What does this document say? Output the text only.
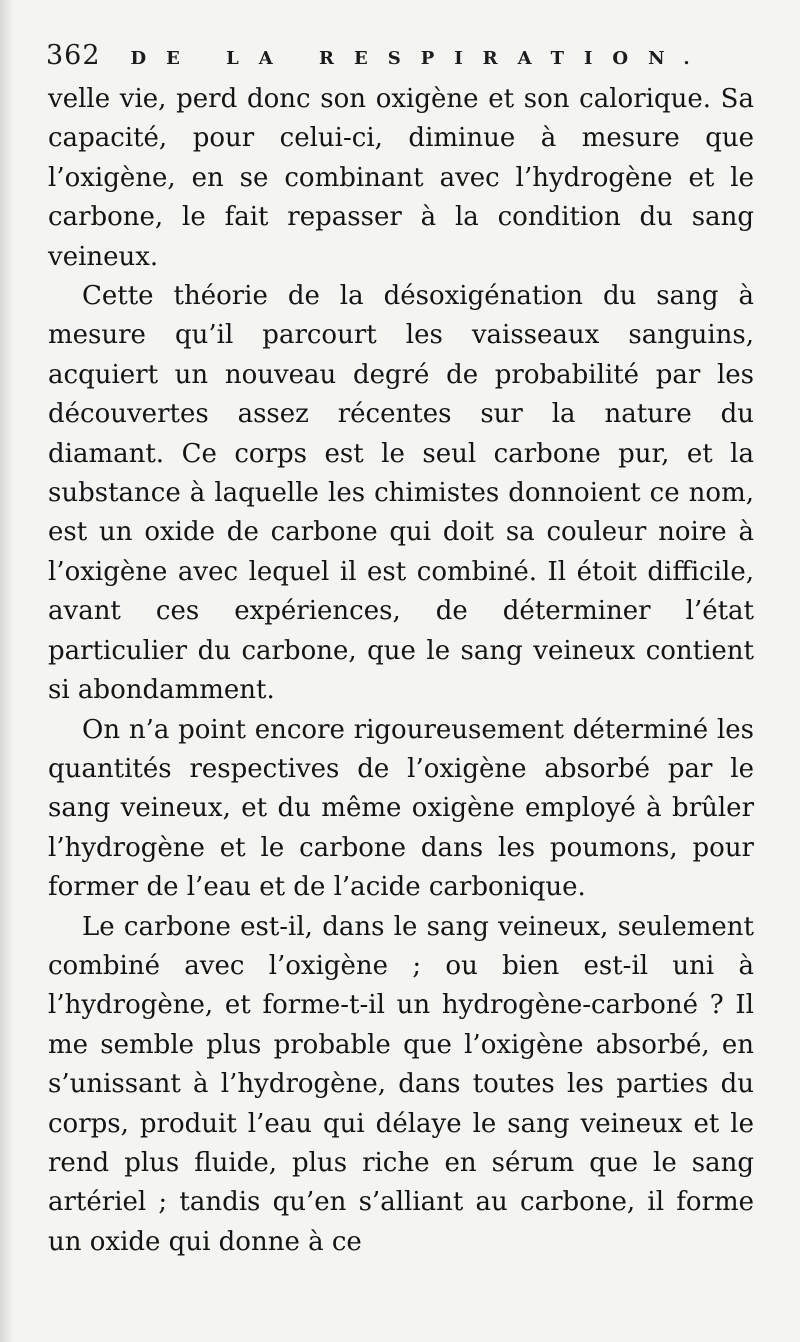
362 DE LA RESPIRATION.

velle vie, perd donc son oxigène et son calorique. Sa capacité, pour celui-ci, diminue à mesure que l’oxigène, en se combinant avec l’hydrogène et le carbone, le fait repasser à la condition du sang veineux.

Cette théorie de la désoxigénation du sang à mesure qu’il parcourt les vaisseaux sanguins, acquiert un nouveau degré de probabilité par les découvertes assez récentes sur la nature du diamant. Ce corps est le seul carbone pur, et la substance à laquelle les chimistes donnoient ce nom, est un oxide de carbone qui doit sa couleur noire à l’oxigène avec lequel il est combiné. Il étoit difficile, avant ces expériences, de déterminer l’état particulier du carbone, que le sang veineux contient si abondamment.

On n’a point encore rigoureusement déterminé les quantités respectives de l’oxigène absorbé par le sang veineux, et du même oxigène employé à brûler l’hydrogène et le carbone dans les poumons, pour former de l’eau et de l’acide carbonique.

Le carbone est-il, dans le sang veineux, seulement combiné avec l’oxigène ; ou bien est-il uni à l’hydrogène, et forme-t-il un hydrogène-carboné ? Il me semble plus probable que l’oxigène absorbé, en s’unissant à l’hydrogène, dans toutes les parties du corps, produit l’eau qui délaye le sang veineux et le rend plus fluide, plus riche en sérum que le sang artériel ; tandis qu’en s’alliant au carbone, il forme un oxide qui donne à ce
